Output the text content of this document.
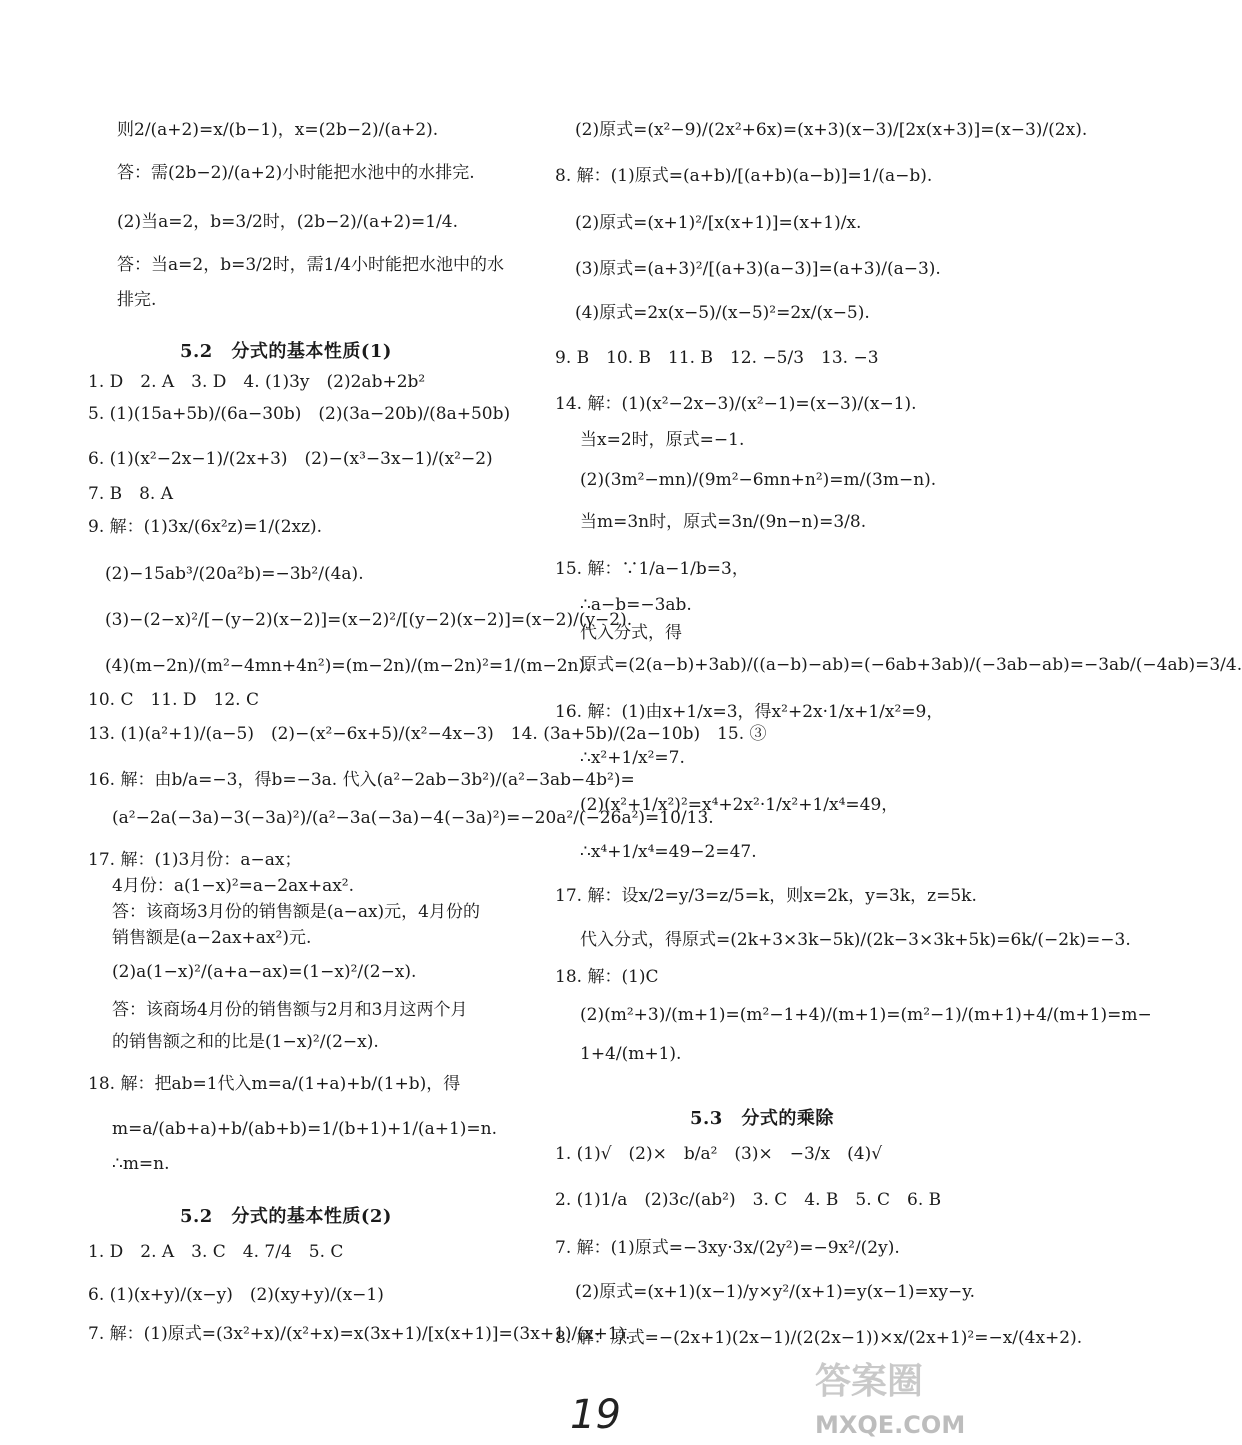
则2/(a+2)=x/(b−1)，x=(2b−2)/(a+2).
答：需(2b−2)/(a+2)小时能把水池中的水排完.
(2)当a=2，b=3/2时，(2b−2)/(a+2)=1/4.
答：当a=2，b=3/2时，需1/4小时能把水池中的水
排完.
5.2　分式的基本性质(1)
1. D　2. A　3. D　4. (1)3y　(2)2ab+2b²
5. (1)(15a+5b)/(6a−30b)　(2)(3a−20b)/(8a+50b)
6. (1)(x²−2x−1)/(2x+3)　(2)−(x³−3x−1)/(x²−2)
7. B　8. A
9. 解：(1)3x/(6x²z)=1/(2xz).
(2)−15ab³/(20a²b)=−3b²/(4a).
(3)−(2−x)²/[−(y−2)(x−2)]=(x−2)²/[(y−2)(x−2)]=(x−2)/(y−2).
(4)(m−2n)/(m²−4mn+4n²)=(m−2n)/(m−2n)²=1/(m−2n).
10. C　11. D　12. C
13. (1)(a²+1)/(a−5)　(2)−(x²−6x+5)/(x²−4x−3)　14. (3a+5b)/(2a−10b)　15. ③
16. 解：由b/a=−3，得b=−3a. 代入(a²−2ab−3b²)/(a²−3ab−4b²)=
(a²−2a(−3a)−3(−3a)²)/(a²−3a(−3a)−4(−3a)²)=−20a²/(−26a²)=10/13.
17. 解：(1)3月份：a−ax；
4月份：a(1−x)²=a−2ax+ax².
答：该商场3月份的销售额是(a−ax)元，4月份的
销售额是(a−2ax+ax²)元.
(2)a(1−x)²/(a+a−ax)=(1−x)²/(2−x).
答：该商场4月份的销售额与2月和3月这两个月
的销售额之和的比是(1−x)²/(2−x).
18. 解：把ab=1代入m=a/(1+a)+b/(1+b)，得
m=a/(ab+a)+b/(ab+b)=1/(b+1)+1/(a+1)=n.
∴m=n.
5.2　分式的基本性质(2)
1. D　2. A　3. C　4. 7/4　5. C
6. (1)(x+y)/(x−y)　(2)(xy+y)/(x−1)
7. 解：(1)原式=(3x²+x)/(x²+x)=x(3x+1)/[x(x+1)]=(3x+1)/(x+1).
(2)原式=(x²−9)/(2x²+6x)=(x+3)(x−3)/[2x(x+3)]=(x−3)/(2x).
8. 解：(1)原式=(a+b)/[(a+b)(a−b)]=1/(a−b).
(2)原式=(x+1)²/[x(x+1)]=(x+1)/x.
(3)原式=(a+3)²/[(a+3)(a−3)]=(a+3)/(a−3).
(4)原式=2x(x−5)/(x−5)²=2x/(x−5).
9. B　10. B　11. B　12. −5/3　13. −3
14. 解：(1)(x²−2x−3)/(x²−1)=(x−3)/(x−1).
当x=2时，原式=−1.
(2)(3m²−mn)/(9m²−6mn+n²)=m/(3m−n).
当m=3n时，原式=3n/(9n−n)=3/8.
15. 解：∵1/a−1/b=3，
∴a−b=−3ab.
代入分式，得
原式=(2(a−b)+3ab)/((a−b)−ab)=(−6ab+3ab)/(−3ab−ab)=−3ab/(−4ab)=3/4.
16. 解：(1)由x+1/x=3，得x²+2x·1/x+1/x²=9，
∴x²+1/x²=7.
(2)(x²+1/x²)²=x⁴+2x²·1/x²+1/x⁴=49，
∴x⁴+1/x⁴=49−2=47.
17. 解：设x/2=y/3=z/5=k，则x=2k，y=3k，z=5k.
代入分式，得原式=(2k+3×3k−5k)/(2k−3×3k+5k)=6k/(−2k)=−3.
18. 解：(1)C
(2)(m²+3)/(m+1)=(m²−1+4)/(m+1)=(m²−1)/(m+1)+4/(m+1)=m−
1+4/(m+1).
5.3　分式的乘除
1. (1)√　(2)×　b/a²　(3)×　−3/x　(4)√
2. (1)1/a　(2)3c/(ab²)　3. C　4. B　5. C　6. B
7. 解：(1)原式=−3xy·3x/(2y²)=−9x²/(2y).
(2)原式=(x+1)(x−1)/y×y²/(x+1)=y(x−1)=xy−y.
8. 解：原式=−(2x+1)(2x−1)/(2(2x−1))×x/(2x+1)²=−x/(4x+2).
19
答案圈
MXQE.COM
